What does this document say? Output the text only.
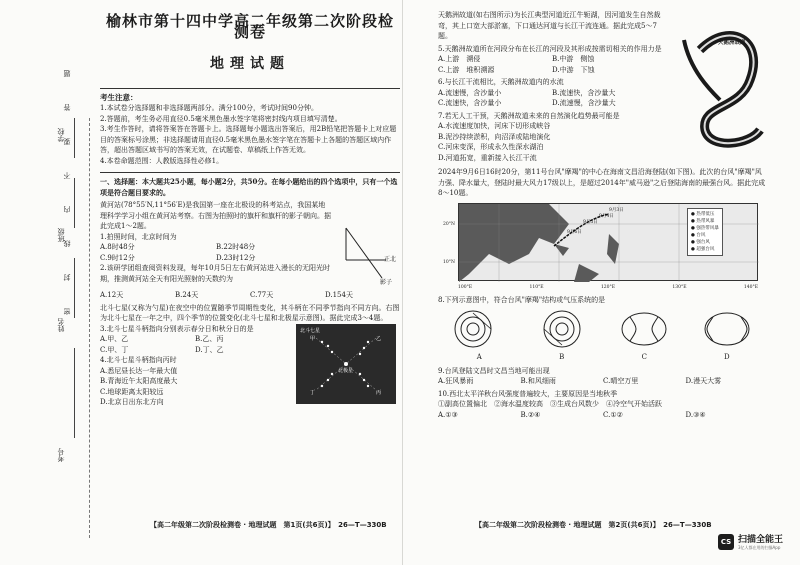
学校
班级
姓名
考号
密　封　线　内　不　要　答　题
榆林市第十四中学高二年级第二次阶段检测卷
地理试题

考生注意：

1.本试卷分选择题和非选择题两部分。满分100分，考试时间90分钟。

2.答题前，考生务必用直径0.5毫米黑色墨水签字笔将密封线内项目填写清楚。

3.考生作答时，请将答案答在答题卡上。选择题每小题选出答案后，用2B铅笔把答题卡上对应题目的答案标号涂黑；非选择题请用直径0.5毫米黑色墨水签字笔在答题卡上各题的答题区域内作答，超出答题区域书写的答案无效，在试题卷、草稿纸上作答无效。

4.本卷命题范围：人教版选择性必修1。

一、选择题：本大题共25小题，每小题2分，共50分。在每小题给出的四个选项中，只有一个选项是符合题目要求的。

黄河站(78°55′N,11°56′E)是我国第一座在北极设的科考站点，我国某地理科学学习小组在黄河站考察。右图为拍照时的旗杆和旗杆的影子朝向。据此完成1～2题。

1.拍照时间，北京时间为

A.8时48分	B.22时48分
C.9时12分	D.23时12分

2.该研学团组查阅资料发现，每年10月5日左右黄河站进入漫长的无阳光时期，推测黄河站全天有阳光照射的天数约为

正北
影子
A.12天	B.24天	C.77天	D.154天

北斗七星(又称为勺星)在夜空中的位置随季节周期性变化，其斗柄在不同季节指向不同方向。右图为北斗七星在一年之中，四个季节的位置变化(北斗七星和北极星示意图)。据此完成3～4题。

3.北斗七星斗柄指向分别表示春分日和秋分日的是

A.甲、乙	B.乙、丙
C.甲、丁	D.丁、乙

4.北斗七星斗柄指向丙时

A.悉尼昼长达一年最大值

B.青海近午太阳高度最大

C.地球距离太阳较远

D.北京日出东北方向

北斗七星
甲	乙
丙
丁
北极星
【高二年级第二次阶段检测卷 · 地理试题　第1页(共6页)】　26—T—330B

天鹅洲故道(如右图所示)为长江典型河道近江牛轭湖，因河道发生自然裁弯，其上口宽大部淤塞，下口通达河道与长江干流连通。据此完成5～7题。

5.天鹅洲故道所在河段分布在长江的河段及其形成按需切相关的作用力是

A.上游　溯侵	B.中游　侧蚀
C.上游　堆积溯源	D.中游　下蚀

6.与长江干流相比，天鹅洲故道内的水流

A.流速慢，含沙量小	B.流速快，含沙量大
C.流速快，含沙量小	D.流速慢，含沙量大

7.若无人工干预，天鹅洲故道未来的自然演化趋势最可能是

A.水流速度加快，河床下切形成峡谷

B.泥沙持续淤积，向沼泽或陆地演化

C.河床变深，形成永久性深水湖泊

D.河道拓宽，重新接入长江干流

天鹅洲故道

2024年9月6日16时20分，第11号台风"摩羯"的中心在海南文昌沿海登陆(如下图)。此次的台风"摩羯"风力强、降水量大，登陆时最大风力17级以上，是超过2014年"威马逊"之后登陆海南的最强台风。据此完成8～10题。

9月6日
9月5日
9月4日
9月3日
20°N
10°N
● 热带低压
● 热带风暴
● 强热带风暴
● 台风
● 强台风
● 超强台风
100°E	110°E	120°E	130°E	140°E

8.下列示意图中，符合台风"摩羯"结构或气压系统的是

A	B	C	D

9.台风登陆文昌时文昌当地可能出现

A.狂风暴雨	B.和风细雨	C.晴空万里	D.漫天大雾

10.西北太平洋秋台风强度普遍较大，主要原因是当地秋季

①副高位置偏北　②海水温度较高　③生成台风数少　④冷空气开始活跃

A.①③	B.②④	C.①②	D.③④
【高二年级第二次阶段检测卷 · 地理试题　第2页(共6页)】　26—T—330B
CS 扫描全能王
3亿人都在用的扫描App
